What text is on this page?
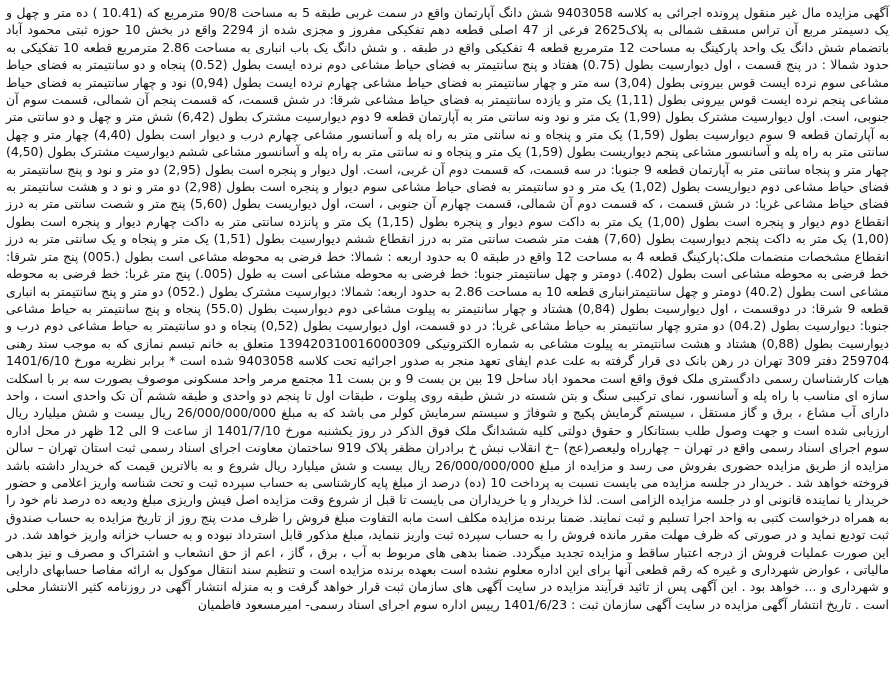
آگهی مزایده مال غیر منقول پرونده اجرائی به کلاسه 9403058 شش دانگ آپارتمان واقع در سمت غربی طبقه 5 به مساحت 90/8 مترمربع که (10.41 ) ده متر و چهل و یک دسیمتر مربع آن تراس مسقف شمالی به پلاک2625 فرعی از 47 اصلی قطعه دهم تفکیکی مفروز و مجزی شده از 2294 واقع در بخش 10 حوزه ثبتی محمود آباد باتضمام شش دانگ یک واحد پارکینگ به مساحت 12 مترمربع قطعه 4 تفکیکی واقع در طبقه . و شش دانگ یک باب انباری به مساحت 2.86 مترمربع قطعه 10 تفکیکی به حدود شمالا : در پنج قسمت ، اول دیوارسیت بطول (0.75) هفتاد و پنج سانتیمتر به فضای حیاط مشاعی دوم نرده ایست بطول (0.52) پنجاه و دو سانتیمتر به فضای حیاط مشاعی سوم نرده ایست قوس بیرونی بطول (3,04) سه متر و چهار سانتیمتر به فضای حیاط مشاعی چهارم نرده ایست بطول (0,94) نود و چهار سانتیمتر به فضای حیاط مشاعی پنجم نرده ایست قوس بیرونی بطول (1,11) یک متر و یازده سانتیمتر به فضای حیاط مشاعی شرقا: در شش قسمت، که قسمت پنجم آن شمالی، قسمت سوم آن جنوبی، است. اول دیوارسیت مشترک بطول (1,99) یک متر و نود ونه سانتی متر به آپارتمان قطعه 9 دوم دیوارسیت مشترک بطول (6,42) شش متر و چهل و دو سانتی متر به آپارتمان قطعه 9 سوم دیوارسیت بطول (1,59) یک متر و پنجاه و نه سانتی متر به راه پله و آسانسور مشاعی چهارم درب و دیوار است بطول (4,40) چهار متر و چهل سانتی متر به راه پله و آسانسور مشاعی پنجم دیواریست بطول (1,59) یک متر و پنجاه و نه سانتی متر به راه پله و آسانسور مشاعی ششم دیوارسیت مشترک بطول (4,50) چهار متر و پنجاه سانتی متر به آپارتمان قطعه 9 جنوبا: در سه قسمت، که قسمت دوم آن غربی، است. اول دیوار و پنجره است بطول (2,95) دو متر و نود و پنج سانتیمتر به فضای حیاط مشاعی دوم دیواریست بطول (1,02) یک متر و دو سانتیمتر به فضای حیاط مشاعی سوم دیوار و پنجره است بطول (2,98) دو متر و نو د و هشت سانتیمتر به فضای حیاط مشاعی غربا: در شش قسمت ، که قسمت دوم آن شمالی، قسمت چهارم آن جنوبی ، است، اول دیواریست بطول (5,60) پنج متر و شصت سانتی متر به درز انقطاع دوم دیوار و پنجره است بطول (1,00) یک متر به داکت سوم دیوار و پنجره بطول (1,15) یک متر و پانزده سانتی متر به داکت چهارم دیوار و پنجره است بطول (1,00) یک متر به داکت پنجم دیوارسیت بطول (7,60) هفت متر شصت سانتی متر به درز انقطاع ششم دیوارسیت بطول (1,51) یک متر و پنجاه و یک سانتی متر به درز انقطاع مشخصات منضمات ملک:پارکینگ قطعه 4 به مساحت 12 واقع در طبقه 0 به حدود اربعه : شمالا: خط فرضی به محوطه مشاعی است بطول (.005) پنج متر شرقا: خط فرضی به محوطه مشاعی است بطول (402.) دومتر و چهل سانتیمتر جنوبا: خط فرضی به محوطه مشاعی است به طول (005.) پنج متر غربا: خط فرضی به محوطه مشاعی است بطول (40.2) دومتر و چهل سانتیمترانباری قطعه 10 به مساحت 2.86 به حدود اربعه: شمالا: دیوارسیت مشترک بطول (.052) دو متر و پنج سانتیمتر به انباری قطعه 9 شرقا: در دوقسمت ، اول دیوارسیت بطول (0,84) هشتاد و چهار سانتیمتر به پیلوت مشاعی دوم دیوارسیت بطول (55.0) پنجاه و پنج سانتیمتر به حیاط مشاعی جنوبا: دیوارسیت بطول (04.2) دو مترو چهار سانتیمتر به حیاط مشاعی غربا: در دو قسمت، اول دیوارسیت بطول (0,52) پنجاه و دو سانتیمتر به حیاط مشاعی دوم درب و دیوارسیت بطول (0,88) هشتاد و هشت سانتیمتر به پیلوت مشاعی به شماره الکترونیکی 139420310016000309 متعلق به خانم تبسم نمازی که به موجب سند رهنی 259704 دفتر 309 تهران در رهن بانک دی قرار گرفته به علت عدم ایفای تعهد منجر به صدور اجرائیه تحت کلاسه 9403058 شده است * برابر نظریه مورخ 1401/6/10 هیات کارشناسان رسمی دادگستری ملک فوق واقع است محمود اباد ساحل 19 بین بن بست 9 و بن بست 11 مجتمع مرمر واحد مسکونی موصوف بصورت سه بر با اسکلت سازه ای مناسب با راه پله و آسانسور، نمای ترکیبی سنگ و بتن شسته در شش طبقه روی پیلوت ، طبقات اول تا پنجم دو واحدی و طبقه ششم آن تک واحدی است ، واحد دارای آب مشاع ، برق و گاز مستقل ، سیستم گرمایش پکیج و شوفاژ و سیستم سرمایش کولر می باشد که به مبلغ 26/000/000/000 ریال بیست و شش میلیارد ریال ارزیابی شده است و جهت وصول طلب بستانکار و حقوق دولتی کلیه ششدانگ ملک فوق الذکر در روز یکشنبه مورخ 1401/7/10 از ساعت 9 الی 12 ظهر در محل اداره سوم اجرای اسناد رسمی واقع در تهران – چهارراه ولیعصر(عج) –خ انقلاب نبش خ برادران مظفر پلاک 919 ساختمان معاونت اجرای اسناد رسمی ثبت استان تهران – سالن مزایده از طریق مزایده حضوری بفروش می رسد و مزایده از مبلغ 26/000/000/000 ریال بیست و شش میلیارد ریال شروع و به بالاترین قیمت که خریدار داشته باشد فروخته خواهد شد . خریدار در جلسه مزایده می بایست نسبت به پرداخت 10 (ده) درصد از مبلغ پایه کارشناسی به حساب سپرده ثبت و تحت شناسه واریز اعلامی و حضور خریدار یا نماینده قانونی او در جلسه مزایده الزامی است. لذا خریدار و یا خریداران می بایست تا قبل از شروع وقت مزایده اصل فیش واریزی مبلغ ودیعه ده درصد نام خود را به همراه درخواست کتبی به واحد اجرا تسلیم و ثبت نمایند. ضمنا برنده مزایده مکلف است مابه التفاوت مبلغ فروش را ظرف مدت پنج روز از تاریخ مزایده به حساب صندوق ثبت تودیع نماید و در صورتی که ظرف مهلت مقرر مانده فروش را به حساب سپرده ثبت واریز ننماید، مبلغ مذکور قابل استرداد نبوده و به حساب خزانه واریز خواهد شد. در این صورت عملیات فروش از درجه اعتبار ساقط و مزایده تجدید میگردد. ضمنا بدهی های مربوط به آب ، برق ، گاز ، اعم از حق انشعاب و اشتراک و مصرف و نیز بدهی مالیاتی ، عوارض شهرداری و غیره که رقم قطعی آنها برای این اداره معلوم نشده است بعهده برنده مزایده است و تنظیم سند انتقال موکول به ارائه مفاصا حسابهای دارایی و شهرداری و ... خواهد بود . این آگهی پس از تائید فرآیند مزایده در سایت آگهی های سازمان ثبت قرار خواهد گرفت و به منزله انتشار آگهی در روزنامه کثیر الانتشار محلی است . تاریخ انتشار آگهی مزایده در سایت آگهی سازمان ثبت : 1401/6/23 رییس اداره سوم اجرای اسناد رسمی- امیرمسعود فاطمیان
